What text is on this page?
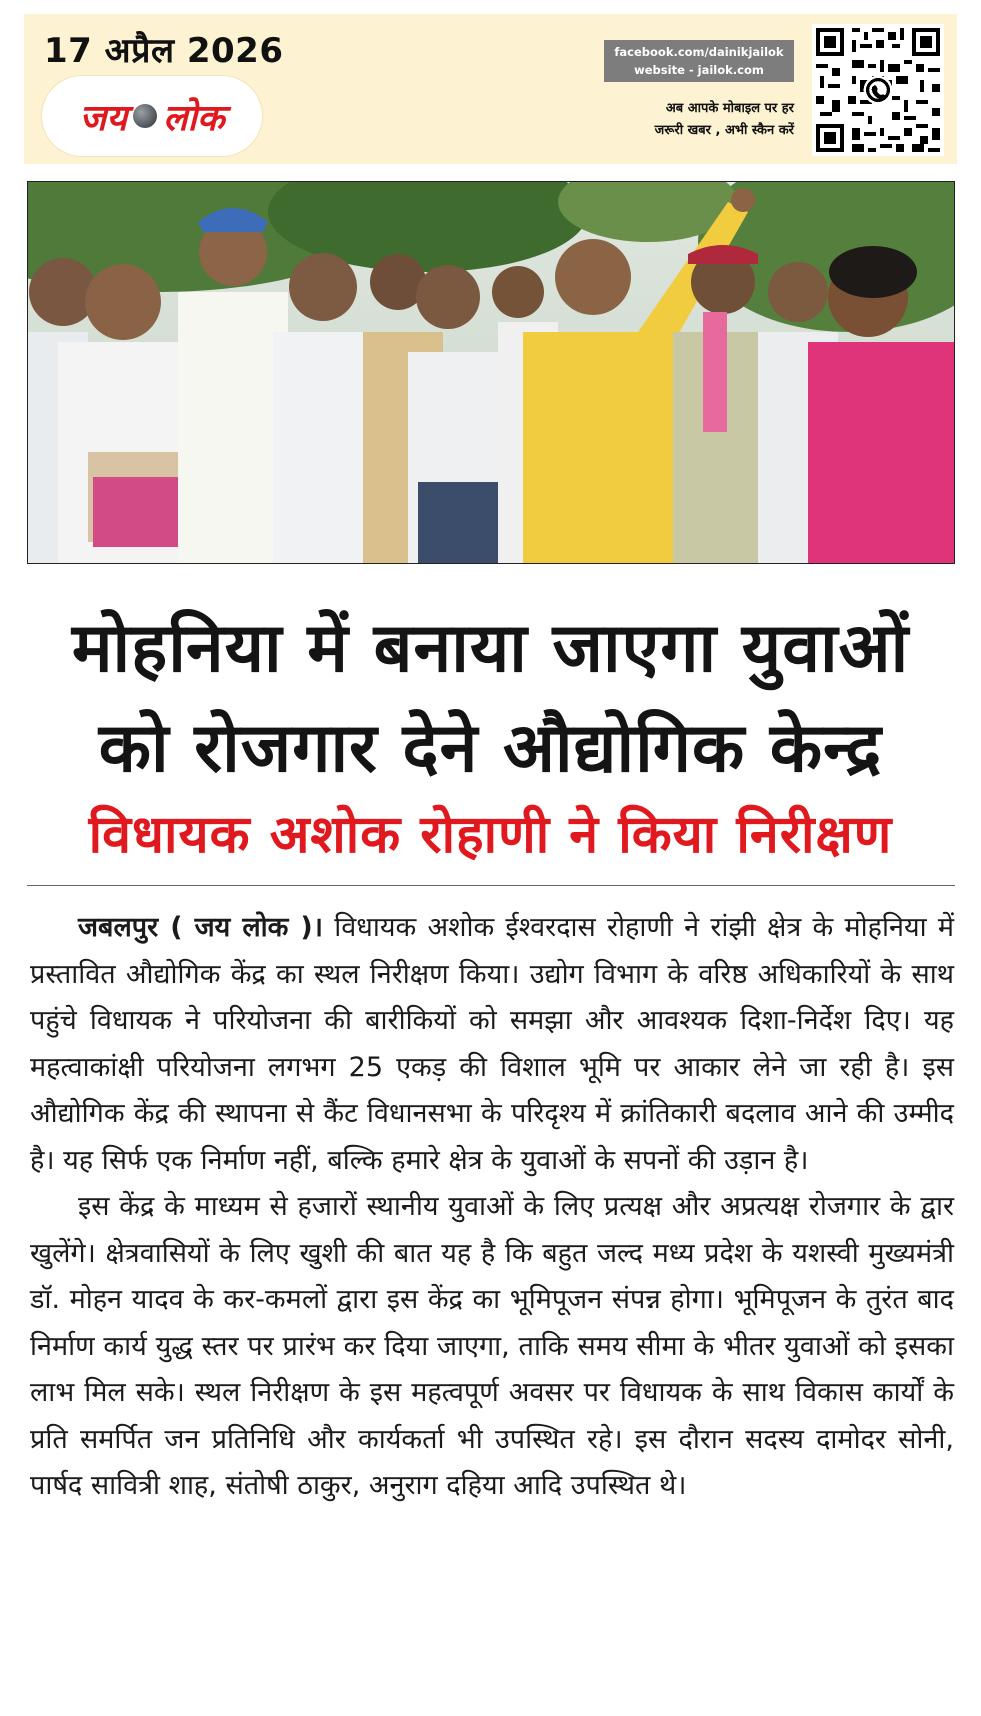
17 अप्रैल 2026
जय लोक
facebook.com/dainikjailok
website - jailok.com
अब आपके मोबाइल पर हर
जरूरी खबर , अभी स्कैन करें
मोहनिया में बनाया जाएगा युवाओं
को रोजगार देने औद्योगिक केन्द्र
विधायक अशोक रोहाणी ने किया निरीक्षण

जबलपुर ( जय लोक )। विधायक अशोक ईश्वरदास रोहाणी ने रांझी क्षेत्र के मोहनिया में प्रस्तावित औद्योगिक केंद्र का स्थल निरीक्षण किया। उद्योग विभाग के वरिष्ठ अधिकारियों के साथ पहुंचे विधायक ने परियोजना की बारीकियों को समझा और आवश्यक दिशा-निर्देश दिए। यह महत्वाकांक्षी परियोजना लगभग 25 एकड़ की विशाल भूमि पर आकार लेने जा रही है। इस औद्योगिक केंद्र की स्थापना से कैंट विधानसभा के परिदृश्य में क्रांतिकारी बदलाव आने की उम्मीद है। यह सिर्फ एक निर्माण नहीं, बल्कि हमारे क्षेत्र के युवाओं के सपनों की उड़ान है।

इस केंद्र के माध्यम से हजारों स्थानीय युवाओं के लिए प्रत्यक्ष और अप्रत्यक्ष रोजगार के द्वार खुलेंगे। क्षेत्रवासियों के लिए खुशी की बात यह है कि बहुत जल्द मध्य प्रदेश के यशस्वी मुख्यमंत्री डॉ. मोहन यादव के कर-कमलों द्वारा इस केंद्र का भूमिपूजन संपन्न होगा। भूमिपूजन के तुरंत बाद निर्माण कार्य युद्ध स्तर पर प्रारंभ कर दिया जाएगा, ताकि समय सीमा के भीतर युवाओं को इसका लाभ मिल सके। स्थल निरीक्षण के इस महत्वपूर्ण अवसर पर विधायक के साथ विकास कार्यों के प्रति समर्पित जन प्रतिनिधि और कार्यकर्ता भी उपस्थित रहे। इस दौरान सदस्य दामोदर सोनी, पार्षद सावित्री शाह, संतोषी ठाकुर, अनुराग दहिया आदि उपस्थित थे।
